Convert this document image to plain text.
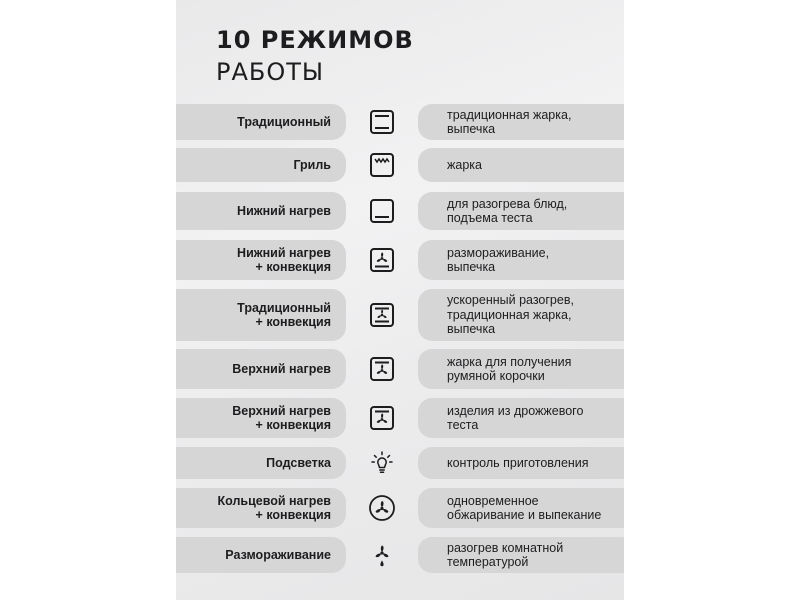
10 РЕЖИМОВ
РАБОТЫ
Традиционный
традиционная жарка,
выпечка
Гриль	жарка
Нижний нагрев
для разогрева блюд,
подъема теста
Нижний нагрев
+ конвекция
размораживание,
выпечка
Традиционный
+ конвекция
ускоренный разогрев,
традиционная жарка,
выпечка
Верхний нагрев
жарка для получения
румяной корочки
Верхний нагрев
+ конвекция
изделия из дрожжевого
теста
Подсветка	контроль приготовления
Кольцевой нагрев
+ конвекция
одновременное
обжаривание и выпекание
Размораживание
разогрев комнатной
температурой
